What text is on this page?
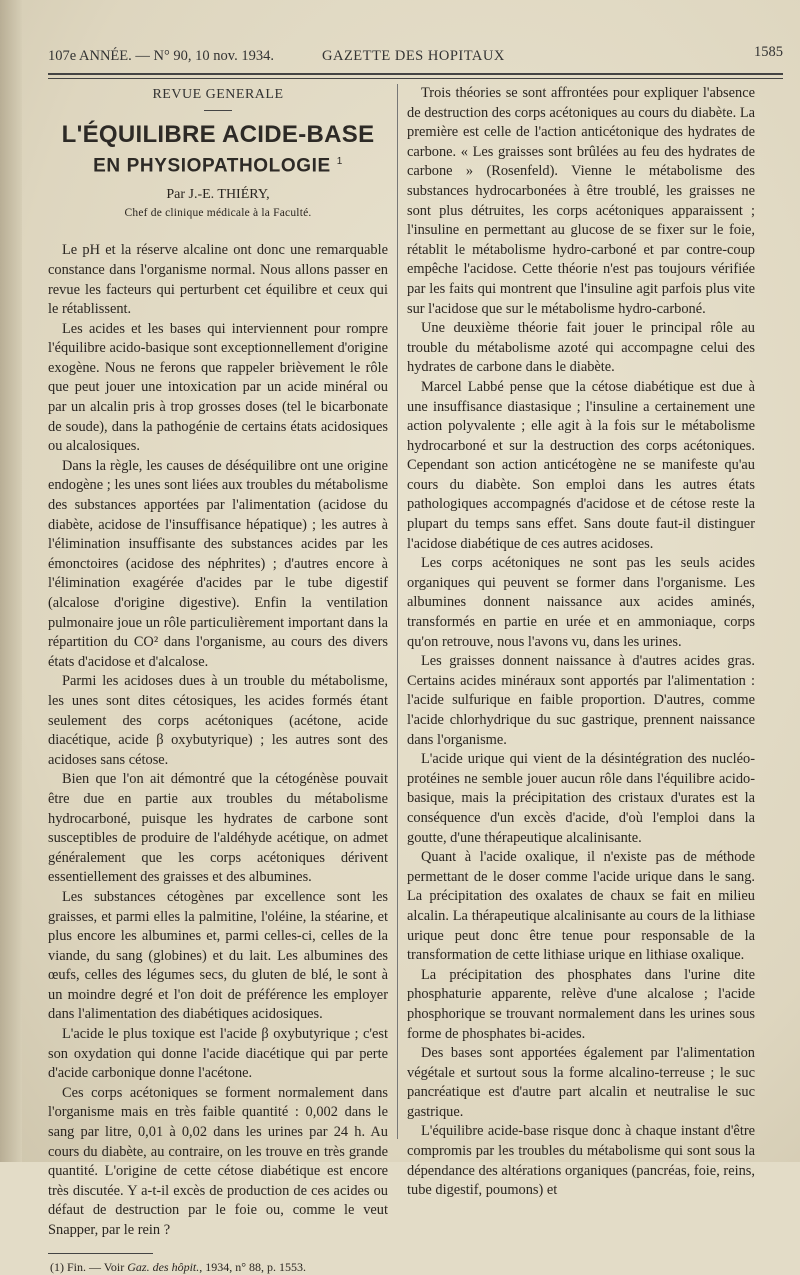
107e ANNÉE. — N° 90, 10 nov. 1934.	GAZETTE DES HOPITAUX	1585
REVUE GENERALE
L'ÉQUILIBRE ACIDE-BASE
EN PHYSIOPATHOLOGIE $^1$
Par J.-E. THIÉRY,
Chef de clinique médicale à la Faculté.

Le pH et la réserve alcaline ont donc une remarquable constance dans l'organisme normal. Nous allons passer en revue les facteurs qui perturbent cet équilibre et ceux qui le rétablissent.

Les acides et les bases qui interviennent pour rompre l'équilibre acido-basique sont exceptionnellement d'origine exogène. Nous ne ferons que rappeler brièvement le rôle que peut jouer une intoxication par un acide minéral ou par un alcalin pris à trop grosses doses (tel le bicarbonate de soude), dans la pathogénie de certains états acidosiques ou alcalosiques.

Dans la règle, les causes de déséquilibre ont une origine endogène ; les unes sont liées aux troubles du métabolisme des substances apportées par l'alimentation (acidose du diabète, acidose de l'insuffisance hépatique) ; les autres à l'élimination insuffisante des substances acides par les émonctoires (acidose des néphrites) ; d'autres encore à l'élimination exagérée d'acides par le tube digestif (alcalose d'origine digestive). Enfin la ventilation pulmonaire joue un rôle particulièrement important dans la répartition du CO² dans l'organisme, au cours des divers états d'acidose et d'alcalose.

Parmi les acidoses dues à un trouble du métabolisme, les unes sont dites cétosiques, les acides formés étant seulement des corps acétoniques (acétone, acide diacétique, acide β oxybutyrique) ; les autres sont des acidoses sans cétose.

Bien que l'on ait démontré que la cétogénèse pouvait être due en partie aux troubles du métabolisme hydrocarboné, puisque les hydrates de carbone sont susceptibles de produire de l'aldéhyde acétique, on admet généralement que les corps acétoniques dérivent essentiellement des graisses et des albumines.

Les substances cétogènes par excellence sont les graisses, et parmi elles la palmitine, l'oléine, la stéarine, et plus encore les albumines et, parmi celles-ci, celles de la viande, du sang (globines) et du lait. Les albumines des œufs, celles des légumes secs, du gluten de blé, le sont à un moindre degré et l'on doit de préférence les employer dans l'alimentation des diabétiques acidosiques.

L'acide le plus toxique est l'acide β oxybutyrique ; c'est son oxydation qui donne l'acide diacétique qui par perte d'acide carbonique donne l'acétone.

Ces corps acétoniques se forment normalement dans l'organisme mais en très faible quantité : 0,002 dans le sang par litre, 0,01 à 0,02 dans les urines par 24 h. Au cours du diabète, au contraire, on les trouve en très grande quantité. L'origine de cette cétose diabétique est encore très discutée. Y a-t-il excès de production de ces acides ou défaut de destruction par le foie ou, comme le veut Snapper, par le rein ?

(1) Fin. — Voir Gaz. des hôpit., 1934, n° 88, p. 1553.

Trois théories se sont affrontées pour expliquer l'absence de destruction des corps acétoniques au cours du diabète. La première est celle de l'action anticétonique des hydrates de carbone. « Les graisses sont brûlées au feu des hydrates de carbone » (Rosenfeld). Vienne le métabolisme des substances hydrocarbonées à être troublé, les graisses ne sont plus détruites, les corps acétoniques apparaissent ; l'insuline en permettant au glucose de se fixer sur le foie, rétablit le métabolisme hydro-carboné et par contre-coup empêche l'acidose. Cette théorie n'est pas toujours vérifiée par les faits qui montrent que l'insuline agit parfois plus vite sur l'acidose que sur le métabolisme hydro-carboné.

Une deuxième théorie fait jouer le principal rôle au trouble du métabolisme azoté qui accompagne celui des hydrates de carbone dans le diabète.

Marcel Labbé pense que la cétose diabétique est due à une insuffisance diastasique ; l'insuline a certainement une action polyvalente ; elle agit à la fois sur le métabolisme hydrocarboné et sur la destruction des corps acétoniques. Cependant son action anticétogène ne se manifeste qu'au cours du diabète. Son emploi dans les autres états pathologiques accompagnés d'acidose et de cétose reste la plupart du temps sans effet. Sans doute faut-il distinguer l'acidose diabétique de ces autres acidoses.

Les corps acétoniques ne sont pas les seuls acides organiques qui peuvent se former dans l'organisme. Les albumines donnent naissance aux acides aminés, transformés en partie en urée et en ammoniaque, corps qu'on retrouve, nous l'avons vu, dans les urines.

Les graisses donnent naissance à d'autres acides gras. Certains acides minéraux sont apportés par l'alimentation : l'acide sulfurique en faible proportion. D'autres, comme l'acide chlorhydrique du suc gastrique, prennent naissance dans l'organisme.

L'acide urique qui vient de la désintégration des nucléo-protéines ne semble jouer aucun rôle dans l'équilibre acido-basique, mais la précipitation des cristaux d'urates est la conséquence d'un excès d'acide, d'où l'emploi dans la goutte, d'une thérapeutique alcalinisante.

Quant à l'acide oxalique, il n'existe pas de méthode permettant de le doser comme l'acide urique dans le sang. La précipitation des oxalates de chaux se fait en milieu alcalin. La thérapeutique alcalinisante au cours de la lithiase urique peut donc être tenue pour responsable de la transformation de cette lithiase urique en lithiase oxalique.

La précipitation des phosphates dans l'urine dite phosphaturie apparente, relève d'une alcalose ; l'acide phosphorique se trouvant normalement dans les urines sous forme de phosphates bi-acides.

Des bases sont apportées également par l'alimentation végétale et surtout sous la forme alcalino-terreuse ; le suc pancréatique est d'autre part alcalin et neutralise le suc gastrique.

L'équilibre acide-base risque donc à chaque instant d'être compromis par les troubles du métabolisme qui sont sous la dépendance des altérations organiques (pancréas, foie, reins, tube digestif, poumons) et
